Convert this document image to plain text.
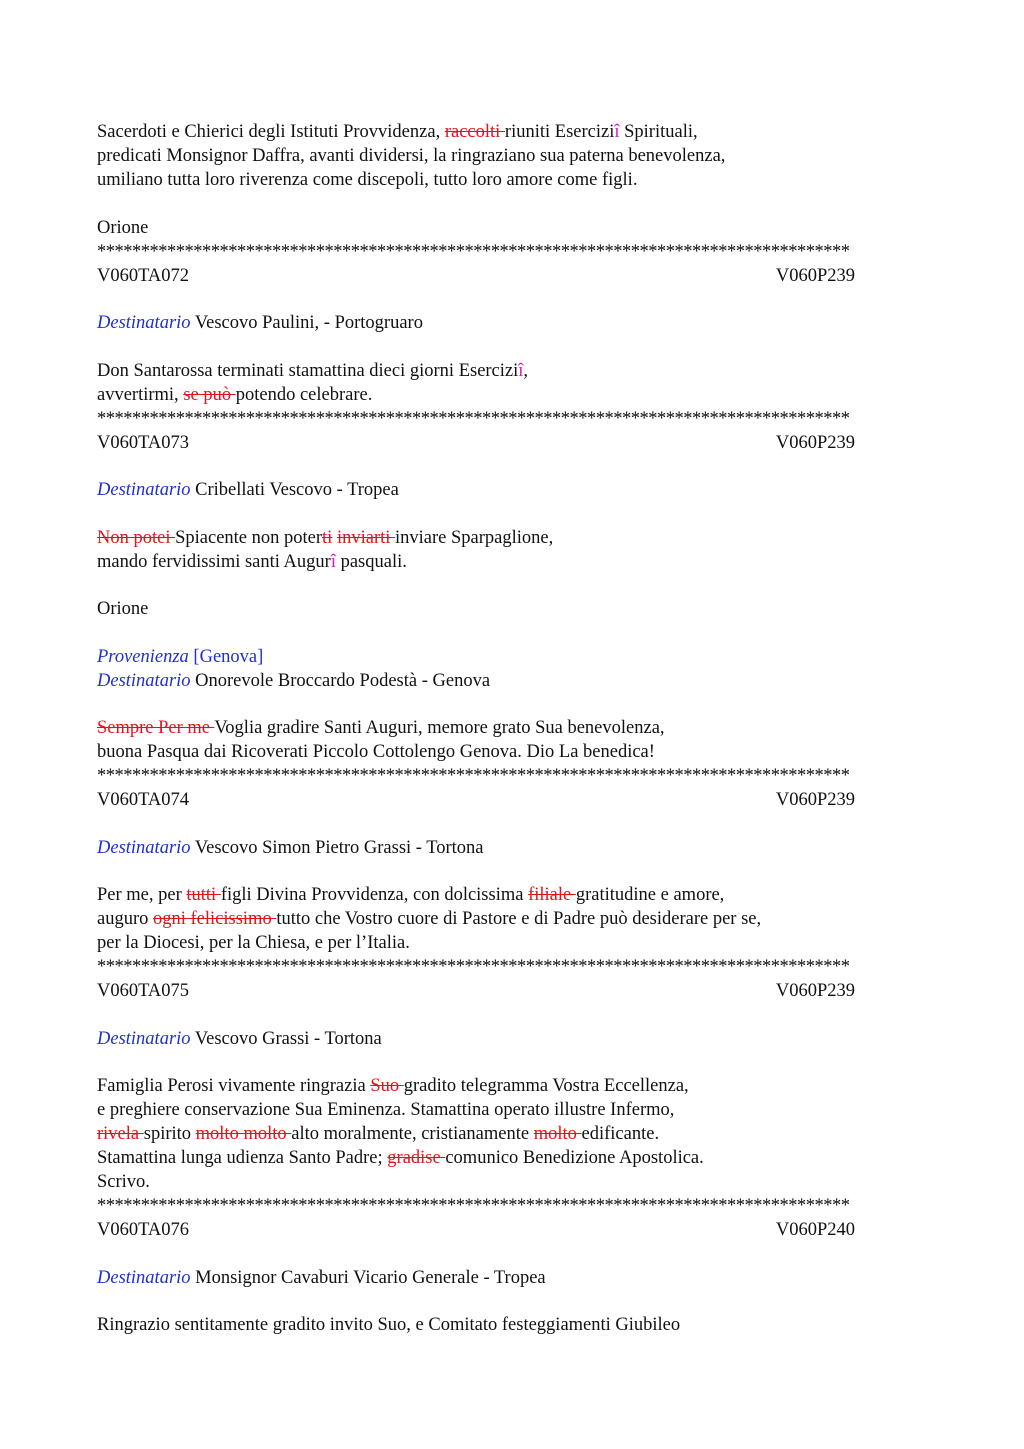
Sacerdoti e Chierici degli Istituti Provvidenza, raccolti riuniti Eserciziî Spirituali,
predicati Monsignor Daffra, avanti dividersi, la ringraziano sua paterna benevolenza,
umiliano tutta loro riverenza come discepoli, tutto loro amore come figli.
Orione
**************************************************************************************
V060TA072	V060P239
Destinatario Vescovo Paulini, - Portogruaro
Don Santarossa terminati stamattina dieci giorni Eserciziî,
avvertirmi, se può potendo celebrare.
**************************************************************************************
V060TA073	V060P239
Destinatario Cribellati Vescovo - Tropea
Non potei Spiacente non poterti inviarti inviare Sparpaglione,
mando fervidissimi santi Augurî pasquali.
Orione
Provenienza [Genova]
Destinatario Onorevole Broccardo Podestà - Genova
Sempre Per me Voglia gradire Santi Auguri, memore grato Sua benevolenza,
buona Pasqua dai Ricoverati Piccolo Cottolengo Genova. Dio La benedica!
**************************************************************************************
V060TA074	V060P239
Destinatario Vescovo Simon Pietro Grassi - Tortona
Per me, per tutti figli Divina Provvidenza, con dolcissima filiale gratitudine e amore,
auguro ogni felicissimo tutto che Vostro cuore di Pastore e di Padre può desiderare per se,
per la Diocesi, per la Chiesa, e per l’Italia.
**************************************************************************************
V060TA075	V060P239
Destinatario Vescovo Grassi - Tortona
Famiglia Perosi vivamente ringrazia Suo gradito telegramma Vostra Eccellenza,
e preghiere conservazione Sua Eminenza. Stamattina operato illustre Infermo,
rivela spirito molto molto alto moralmente, cristianamente molto edificante.
Stamattina lunga udienza Santo Padre; gradise comunico Benedizione Apostolica.
Scrivo.
**************************************************************************************
V060TA076	V060P240
Destinatario Monsignor Cavaburi Vicario Generale - Tropea
Ringrazio sentitamente gradito invito Suo, e Comitato festeggiamenti Giubileo
